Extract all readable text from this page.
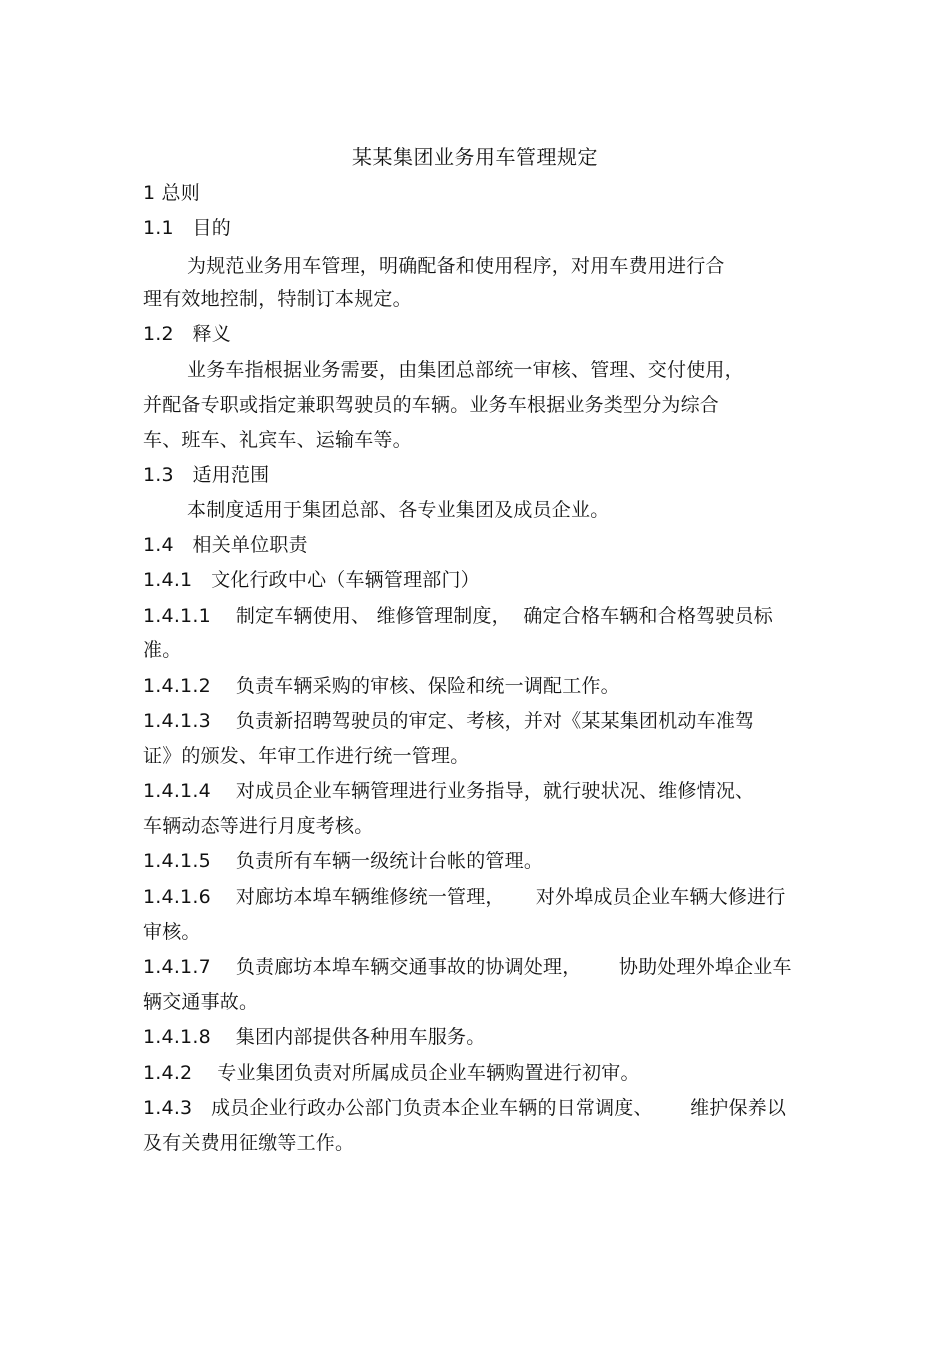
某某集团业务用车管理规定
1 总则
1.1   目的
为规范业务用车管理，明确配备和使用程序，对用车费用进行合
理有效地控制，特制订本规定。
1.2   释义
业务车指根据业务需要，由集团总部统一审核、管理、交付使用，
并配备专职或指定兼职驾驶员的车辆。业务车根据业务类型分为综合
车、班车、礼宾车、运输车等。
1.3   适用范围
本制度适用于集团总部、各专业集团及成员企业。
1.4   相关单位职责
1.4.1   文化行政中心（车辆管理部门）
1.4.1.1    制定车辆使用、 维修管理制度，  确定合格车辆和合格驾驶员标
准。
1.4.1.2    负责车辆采购的审核、保险和统一调配工作。
1.4.1.3    负责新招聘驾驶员的审定、考核，并对《某某集团机动车准驾
证》的颁发、年审工作进行统一管理。
1.4.1.4    对成员企业车辆管理进行业务指导，就行驶状况、维修情况、
车辆动态等进行月度考核。
1.4.1.5    负责所有车辆一级统计台帐的管理。
1.4.1.6    对廊坊本埠车辆维修统一管理，     对外埠成员企业车辆大修进行
审核。
1.4.1.7    负责廊坊本埠车辆交通事故的协调处理，      协助处理外埠企业车
辆交通事故。
1.4.1.8    集团内部提供各种用车服务。
1.4.2    专业集团负责对所属成员企业车辆购置进行初审。
1.4.3   成员企业行政办公部门负责本企业车辆的日常调度、      维护保养以
及有关费用征缴等工作。
